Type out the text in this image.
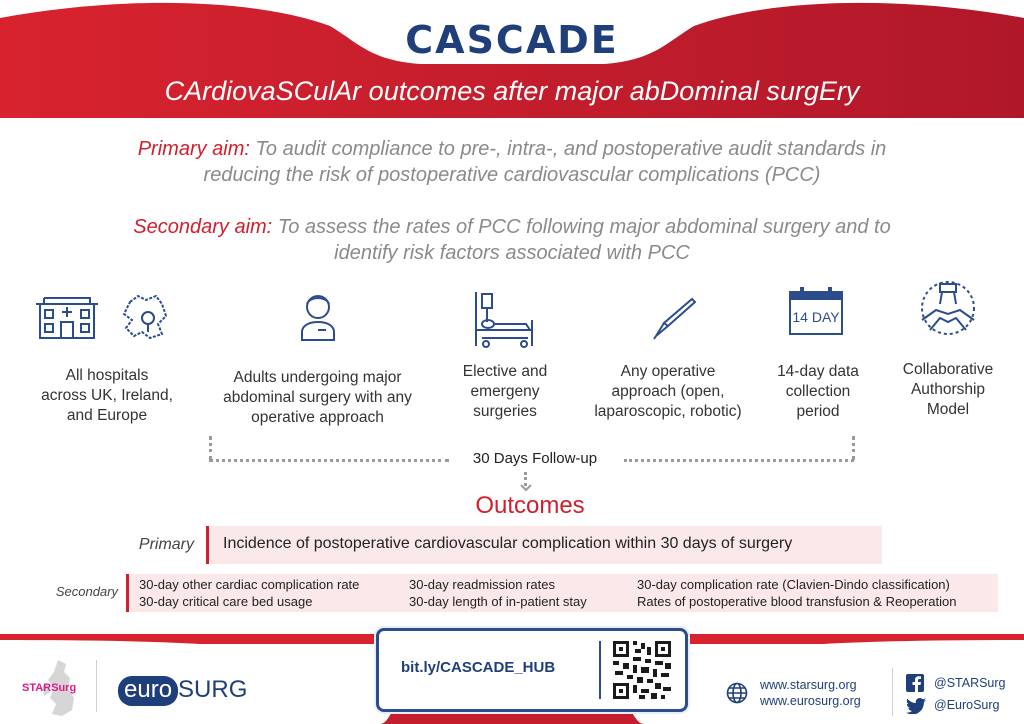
CASCADE
CArdiovaSCulAr outcomes after major abDominal surgEry
Primary aim: To audit compliance to pre-, intra-, and postoperative audit standards in
reducing the risk of postoperative cardiovascular complications (PCC)
Secondary aim: To assess the rates of PCC following major abdominal surgery and to
identify risk factors associated with PCC
All hospitals
across UK, Ireland,
and Europe
Adults undergoing major
abdominal surgery with any
operative approach
Elective and
emergeny
surgeries
Any operative
approach (open,
laparoscopic, robotic)
14 DAY
14-day data
collection
period
Collaborative
Authorship
Model
30 Days Follow-up
Outcomes
Primary Incidence of postoperative cardiovascular complication within 30 days of surgery
Secondary 30-day other cardiac complication rate
30-day critical care bed usage
30-day readmission rates
30-day length of in-patient stay
30-day complication rate (Clavien-Dindo classification)
Rates of postoperative blood transfusion & Reoperation
STARSurg euro SURG
bit.ly/CASCADE_HUB
www.starsurg.org
www.eurosurg.org
@STARSurg
@EuroSurg
